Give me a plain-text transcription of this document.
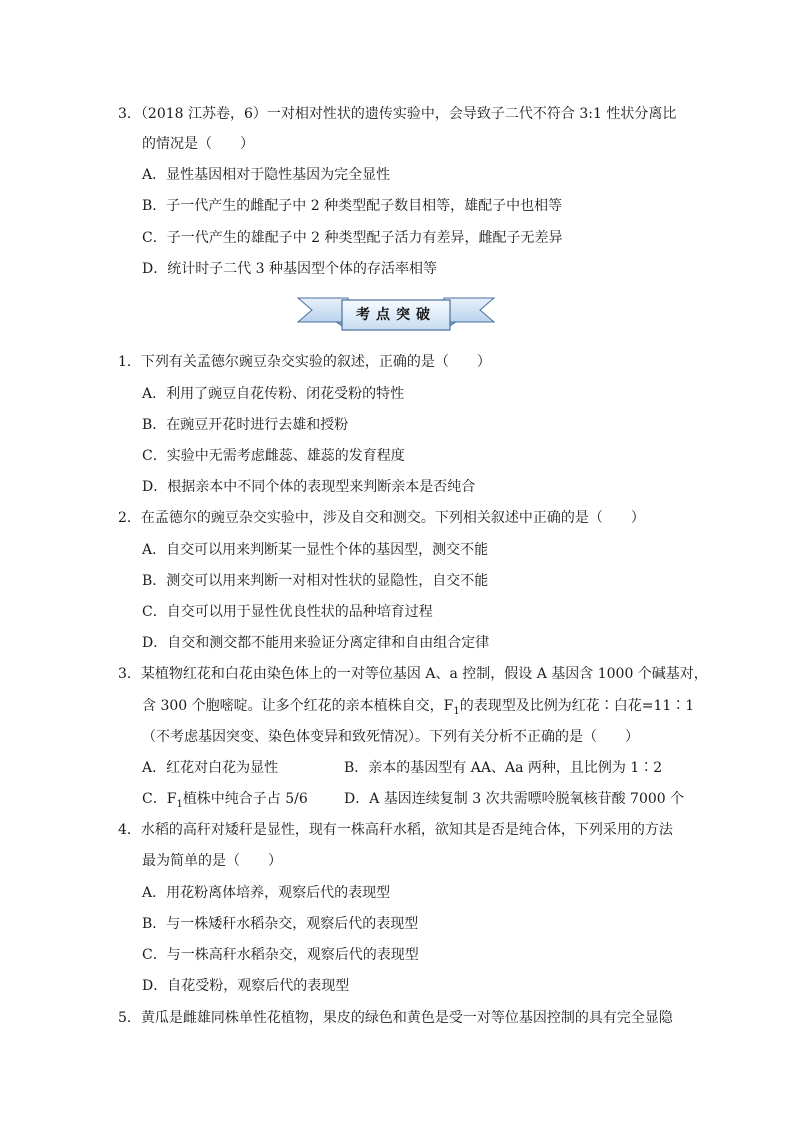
3．（2018 江苏卷，6）一对相对性状的遗传实验中，会导致子二代不符合 3:1 性状分离比
的情况是（　　）
A．显性基因相对于隐性基因为完全显性
B．子一代产生的雌配子中 2 种类型配子数目相等，雄配子中也相等
C．子一代产生的雄配子中 2 种类型配子活力有差异，雌配子无差异
D．统计时子二代 3 种基因型个体的存活率相等
考点突破
1．下列有关孟德尔豌豆杂交实验的叙述，正确的是（　　）
A．利用了豌豆自花传粉、闭花受粉的特性
B．在豌豆开花时进行去雄和授粉
C．实验中无需考虑雌蕊、雄蕊的发育程度
D．根据亲本中不同个体的表现型来判断亲本是否纯合
2．在孟德尔的豌豆杂交实验中，涉及自交和测交。下列相关叙述中正确的是（　　）
A．自交可以用来判断某一显性个体的基因型，测交不能
B．测交可以用来判断一对相对性状的显隐性，自交不能
C．自交可以用于显性优良性状的品种培育过程
D．自交和测交都不能用来验证分离定律和自由组合定律
3．某植物红花和白花由染色体上的一对等位基因 A、a 控制，假设 A 基因含 1000 个碱基对，
含 300 个胞嘧啶。让多个红花的亲本植株自交，$F_1$的表现型及比例为红花∶白花=11∶1
（不考虑基因突变、染色体变异和致死情况）。下列有关分析不正确的是（　　）
A．红花对白花为显性	B．亲本的基因型有 AA、Aa 两种，且比例为 1∶2
C．$F_1$植株中纯合子占 5/6	D．A 基因连续复制 3 次共需嘌呤脱氧核苷酸 7000 个
4．水稻的高秆对矮秆是显性，现有一株高秆水稻，欲知其是否是纯合体，下列采用的方法
最为简单的是（　　）
A．用花粉离体培养，观察后代的表现型
B．与一株矮秆水稻杂交，观察后代的表现型
C．与一株高秆水稻杂交，观察后代的表现型
D．自花受粉，观察后代的表现型
5．黄瓜是雌雄同株单性花植物，果皮的绿色和黄色是受一对等位基因控制的具有完全显隐
